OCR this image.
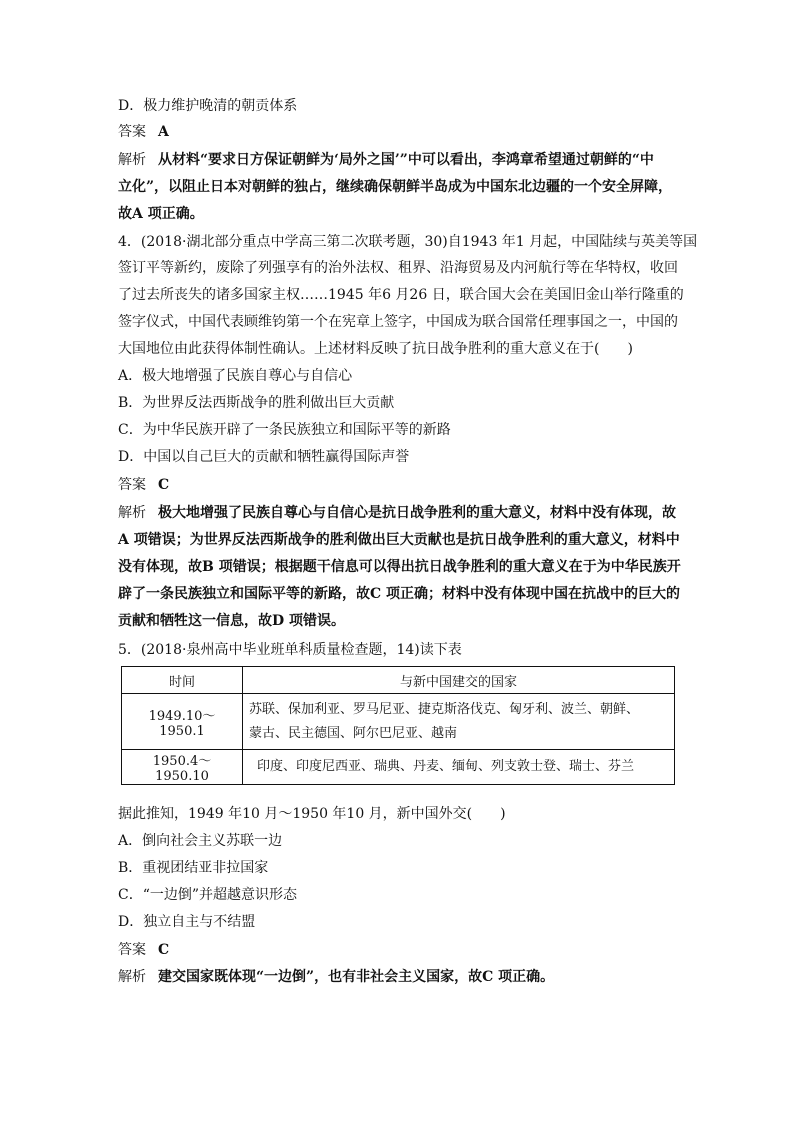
D．极力维护晚清的朝贡体系
答案 A
解析 从材料“要求日方保证朝鲜为‘局外之国’”中可以看出，李鸿章希望通过朝鲜的“中
立化”，以阻止日本对朝鲜的独占，继续确保朝鲜半岛成为中国东北边疆的一个安全屏障，
故A 项正确。
4．(2018·湖北部分重点中学高三第二次联考题，30)自1943 年1 月起，中国陆续与英美等国
签订平等新约，废除了列强享有的治外法权、租界、沿海贸易及内河航行等在华特权，收回
了过去所丧失的诸多国家主权……1945 年6 月26 日，联合国大会在美国旧金山举行隆重的
签字仪式，中国代表顾维钧第一个在宪章上签字，中国成为联合国常任理事国之一，中国的
大国地位由此获得体制性确认。上述材料反映了抗日战争胜利的重大意义在于(　　)
A．极大地增强了民族自尊心与自信心
B．为世界反法西斯战争的胜利做出巨大贡献
C．为中华民族开辟了一条民族独立和国际平等的新路
D．中国以自己巨大的贡献和牺牲赢得国际声誉
答案 C
解析 极大地增强了民族自尊心与自信心是抗日战争胜利的重大意义，材料中没有体现，故
A 项错误；为世界反法西斯战争的胜利做出巨大贡献也是抗日战争胜利的重大意义，材料中
没有体现，故B 项错误；根据题干信息可以得出抗日战争胜利的重大意义在于为中华民族开
辟了一条民族独立和国际平等的新路，故C 项正确；材料中没有体现中国在抗战中的巨大的
贡献和牺牲这一信息，故D 项错误。
5．(2018·泉州高中毕业班单科质量检查题，14)读下表
时间	与新中国建交的国家
1949.10～1950.1	苏联、保加利亚、罗马尼亚、捷克斯洛伐克、匈牙利、波兰、朝鲜、
蒙古、民主德国、阿尔巴尼亚、越南

1950.4～1950.10	印度、印度尼西亚、瑞典、丹麦、缅甸、列支敦士登、瑞士、芬兰
据此推知，1949 年10 月～1950 年10 月，新中国外交(　　)
A．倒向社会主义苏联一边
B．重视团结亚非拉国家
C．“一边倒”并超越意识形态
D．独立自主与不结盟
答案 C
解析 建交国家既体现“一边倒”，也有非社会主义国家，故C 项正确。
